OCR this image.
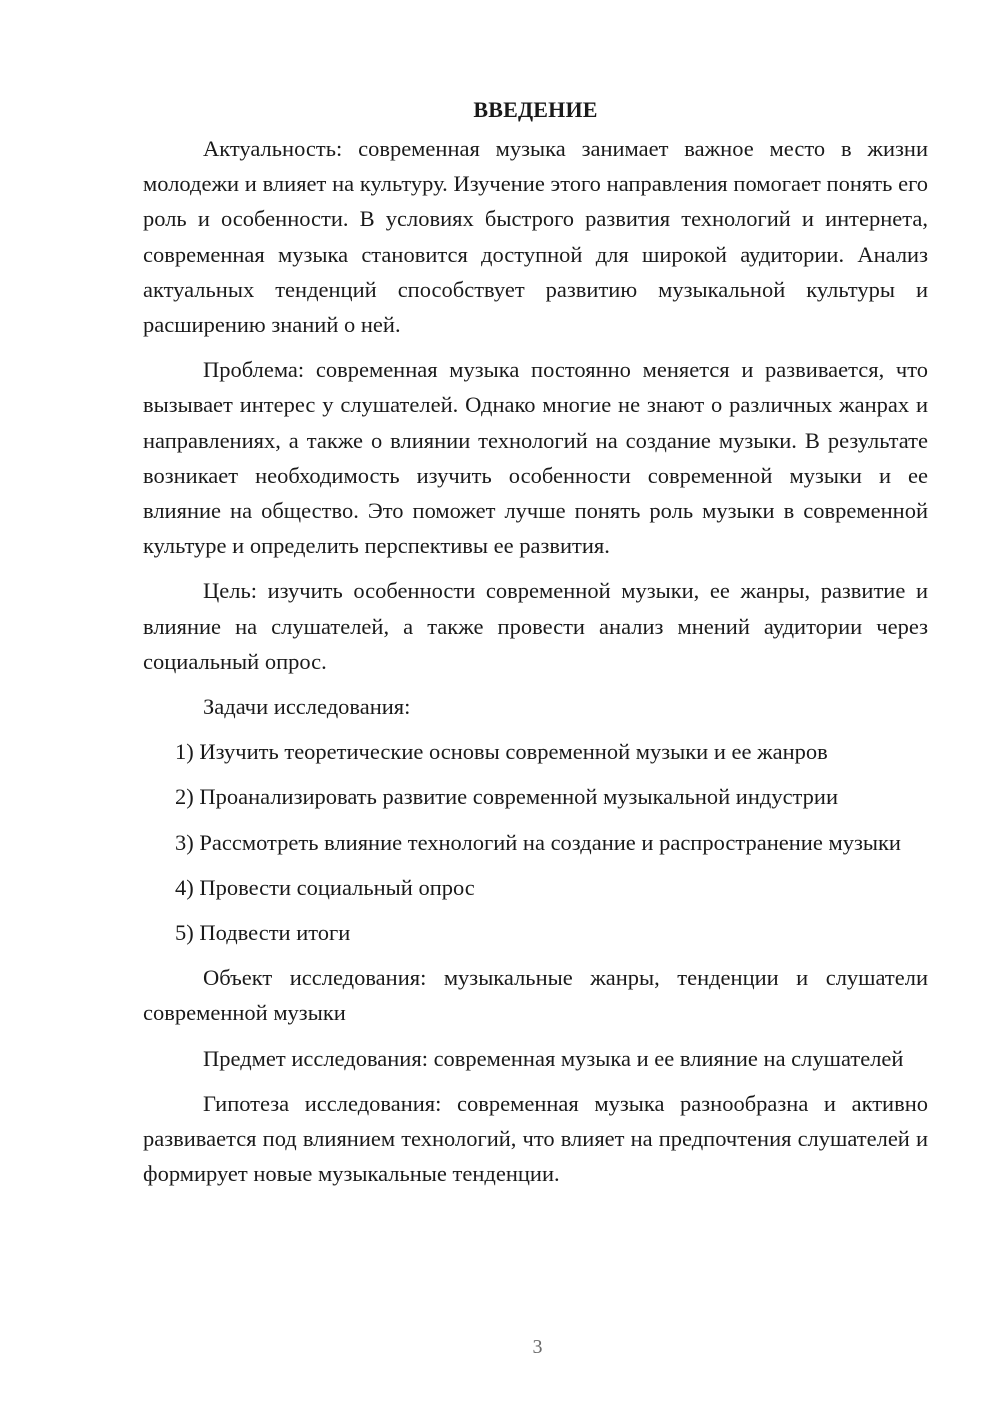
ВВЕДЕНИЕ

Актуальность: современная музыка занимает важное место в жизни молодежи и влияет на культуру. Изучение этого направления помогает понять его роль и особенности. В условиях быстрого развития технологий и интернета, современная музыка становится доступной для широкой аудитории. Анализ актуальных тенденций способствует развитию музыкальной культуры и расширению знаний о ней.

Проблема: современная музыка постоянно меняется и развивается, что вызывает интерес у слушателей. Однако многие не знают о различных жанрах и направлениях, а также о влиянии технологий на создание музыки. В результате возникает необходимость изучить особенности современной музыки и ее влияние на общество. Это поможет лучше понять роль музыки в современной культуре и определить перспективы ее развития.

Цель: изучить особенности современной музыки, ее жанры, развитие и влияние на слушателей, а также провести анализ мнений аудитории через социальный опрос.

Задачи исследования:

1) Изучить теоретические основы современной музыки и ее жанров

2) Проанализировать развитие современной музыкальной индустрии

3) Рассмотреть влияние технологий на создание и распространение музыки

4) Провести социальный опрос

5) Подвести итоги

Объект исследования: музыкальные жанры, тенденции и слушатели современной музыки

Предмет исследования: современная музыка и ее влияние на слушателей

Гипотеза исследования: современная музыка разнообразна и активно развивается под влиянием технологий, что влияет на предпочтения слушателей и формирует новые музыкальные тенденции.

3
